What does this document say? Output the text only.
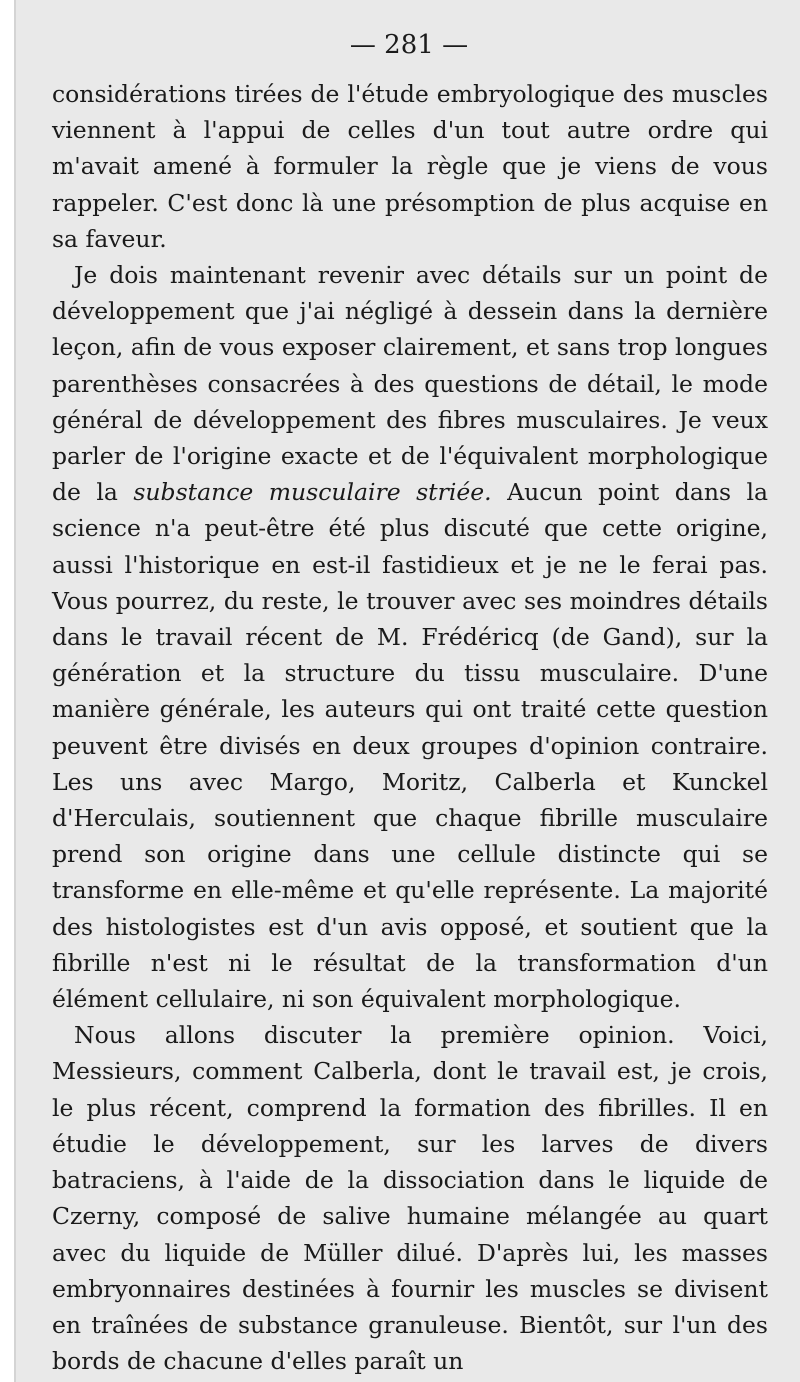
— 281 —

considérations tirées de l'étude embryologique des muscles viennent à l'appui de celles d'un tout autre ordre qui m'avait amené à formuler la règle que je viens de vous rappeler. C'est donc là une présomption de plus acquise en sa faveur.

Je dois maintenant revenir avec détails sur un point de développement que j'ai négligé à dessein dans la dernière leçon, afin de vous exposer clairement, et sans trop longues parenthèses consacrées à des questions de détail, le mode général de développement des fibres musculaires. Je veux parler de l'origine exacte et de l'équivalent morphologique de la substance musculaire striée. Aucun point dans la science n'a peut-être été plus discuté que cette origine, aussi l'historique en est-il fastidieux et je ne le ferai pas. Vous pourrez, du reste, le trouver avec ses moindres détails dans le travail récent de M. Frédéricq (de Gand), sur la génération et la structure du tissu musculaire. D'une manière générale, les auteurs qui ont traité cette question peuvent être divisés en deux groupes d'opinion contraire. Les uns avec Margo, Moritz, Calberla et Kunckel d'Herculais, soutiennent que chaque fibrille musculaire prend son origine dans une cellule distincte qui se transforme en elle-même et qu'elle représente. La majorité des histologistes est d'un avis opposé, et soutient que la fibrille n'est ni le résultat de la transformation d'un élément cellulaire, ni son équivalent morphologique.

Nous allons discuter la première opinion. Voici, Messieurs, comment Calberla, dont le travail est, je crois, le plus récent, comprend la formation des fibrilles. Il en étudie le développement, sur les larves de divers batraciens, à l'aide de la dissociation dans le liquide de Czerny, composé de salive humaine mélangée au quart avec du liquide de Müller dilué. D'après lui, les masses embryonnaires destinées à fournir les muscles se divisent en traînées de substance granuleuse. Bientôt, sur l'un des bords de chacune d'elles paraît un
